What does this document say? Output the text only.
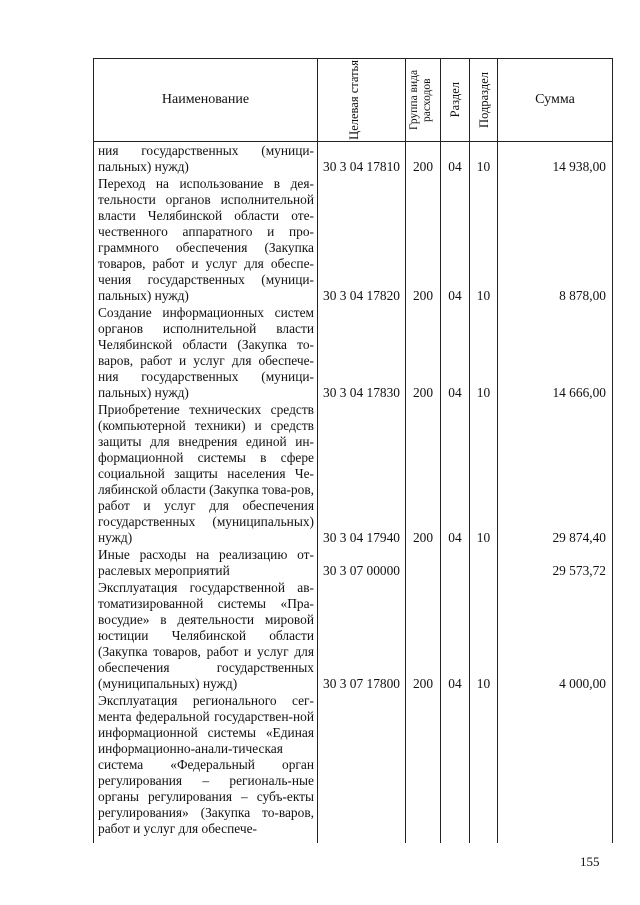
Наименование	Целевая статья	Группа вида расходов	Раздел	Подраздел	Сумма
ния государственных (муници-пальных) нужд)	30 3 04 17810	200	04	10	14 938,00
Переход на использование в дея-тельности органов исполнительной власти Челябинской области оте-чественного аппаратного и про-граммного обеспечения (Закупка товаров, работ и услуг для обеспе-чения государственных (муници-пальных) нужд)	30 3 04 17820	200	04	10	8 878,00
Создание информационных систем органов исполнительной власти Челябинской области (Закупка то-варов, работ и услуг для обеспече-ния государственных (муници-пальных) нужд)	30 3 04 17830	200	04	10	14 666,00
Приобретение технических средств (компьютерной техники) и средств защиты для внедрения единой ин-формационной системы в сфере социальной защиты населения Че-лябинской области (Закупка това-ров, работ и услуг для обеспечения государственных (муниципальных) нужд)	30 3 04 17940	200	04	10	29 874,40
Иные расходы на реализацию от-раслевых мероприятий	30 3 07 00000				29 573,72
Эксплуатация государственной ав-томатизированной системы «Пра-восудие» в деятельности мировой юстиции Челябинской области (Закупка товаров, работ и услуг для обеспечения государственных (муниципальных) нужд)	30 3 07 17800	200	04	10	4 000,00
Эксплуатация регионального сег-мента федеральной государствен-ной информационной системы «Единая информационно-анали-тическая система «Федеральный орган регулирования – региональ-ные органы регулирования – субъ-екты регулирования» (Закупка то-варов, работ и услуг для обеспече-					

155
